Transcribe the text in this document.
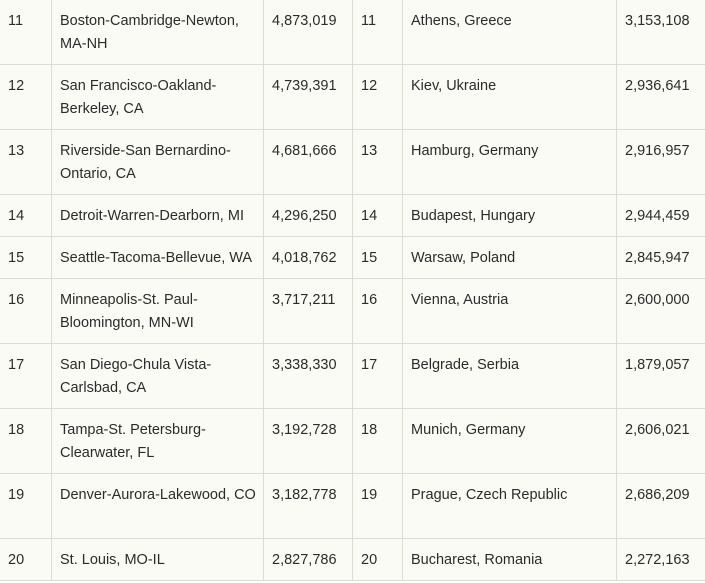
11	Boston-Cambridge-Newton, MA-NH	4,873,019	11	Athens, Greece	3,153,108
12	San Francisco-Oakland-Berkeley, CA	4,739,391	12	Kiev, Ukraine	2,936,641
13	Riverside-San Bernardino-Ontario, CA	4,681,666	13	Hamburg, Germany	2,916,957
14	Detroit-Warren-Dearborn, MI	4,296,250	14	Budapest, Hungary	2,944,459
15	Seattle-Tacoma-Bellevue, WA	4,018,762	15	Warsaw, Poland	2,845,947
16	Minneapolis-St. Paul-Bloomington, MN-WI	3,717,211	16	Vienna, Austria	2,600,000
17	San Diego-Chula Vista-Carlsbad, CA	3,338,330	17	Belgrade, Serbia	1,879,057
18	Tampa-St. Petersburg-Clearwater, FL	3,192,728	18	Munich, Germany	2,606,021
19	Denver-Aurora-Lakewood, CO	3,182,778	19	Prague, Czech Republic	2,686,209
20	St. Louis, MO-IL	2,827,786	20	Bucharest, Romania	2,272,163
